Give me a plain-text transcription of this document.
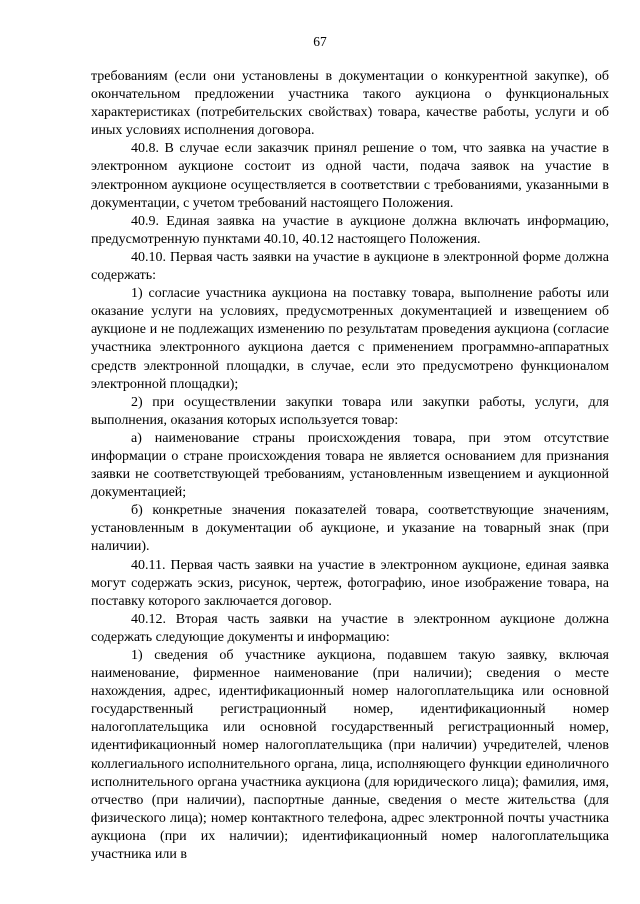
67

требованиям (если они установлены в документации о конкурентной закупке), об окончательном предложении участника такого аукциона о функциональных характеристиках (потребительских свойствах) товара, качестве работы, услуги и об иных условиях исполнения договора.

40.8. В случае если заказчик принял решение о том, что заявка на участие в электронном аукционе состоит из одной части, подача заявок на участие в электронном аукционе осуществляется в соответствии с требованиями, указанными в документации, с учетом требований настоящего Положения.

40.9. Единая заявка на участие в аукционе должна включать информацию, предусмотренную пунктами 40.10, 40.12 настоящего Положения.

40.10. Первая часть заявки на участие в аукционе в электронной форме должна содержать:

1) согласие участника аукциона на поставку товара, выполнение работы или оказание услуги на условиях, предусмотренных документацией и извещением об аукционе и не подлежащих изменению по результатам проведения аукциона (согласие участника электронного аукциона дается с применением программно-аппаратных средств электронной площадки, в случае, если это предусмотрено функционалом электронной площадки);

2) при осуществлении закупки товара или закупки работы, услуги, для выполнения, оказания которых используется товар:

а) наименование страны происхождения товара, при этом отсутствие информации о стране происхождения товара не является основанием для признания заявки не соответствующей требованиям, установленным извещением и аукционной документацией;

б) конкретные значения показателей товара, соответствующие значениям, установленным в документации об аукционе, и указание на товарный знак (при наличии).

40.11. Первая часть заявки на участие в электронном аукционе, единая заявка могут содержать эскиз, рисунок, чертеж, фотографию, иное изображение товара, на поставку которого заключается договор.

40.12. Вторая часть заявки на участие в электронном аукционе должна содержать следующие документы и информацию:

1) сведения об участнике аукциона, подавшем такую заявку, включая наименование, фирменное наименование (при наличии); сведения о месте нахождения, адрес, идентификационный номер налогоплательщика или основной государственный регистрационный номер, идентификационный номер налогоплательщика или основной государственный регистрационный номер, идентификационный номер налогоплательщика (при наличии) учредителей, членов коллегиального исполнительного органа, лица, исполняющего функции единоличного исполнительного органа участника аукциона (для юридического лица); фамилия, имя, отчество (при наличии), паспортные данные, сведения о месте жительства (для физического лица); номер контактного телефона, адрес электронной почты участника аукциона (при их наличии); идентификационный номер налогоплательщика участника или в
